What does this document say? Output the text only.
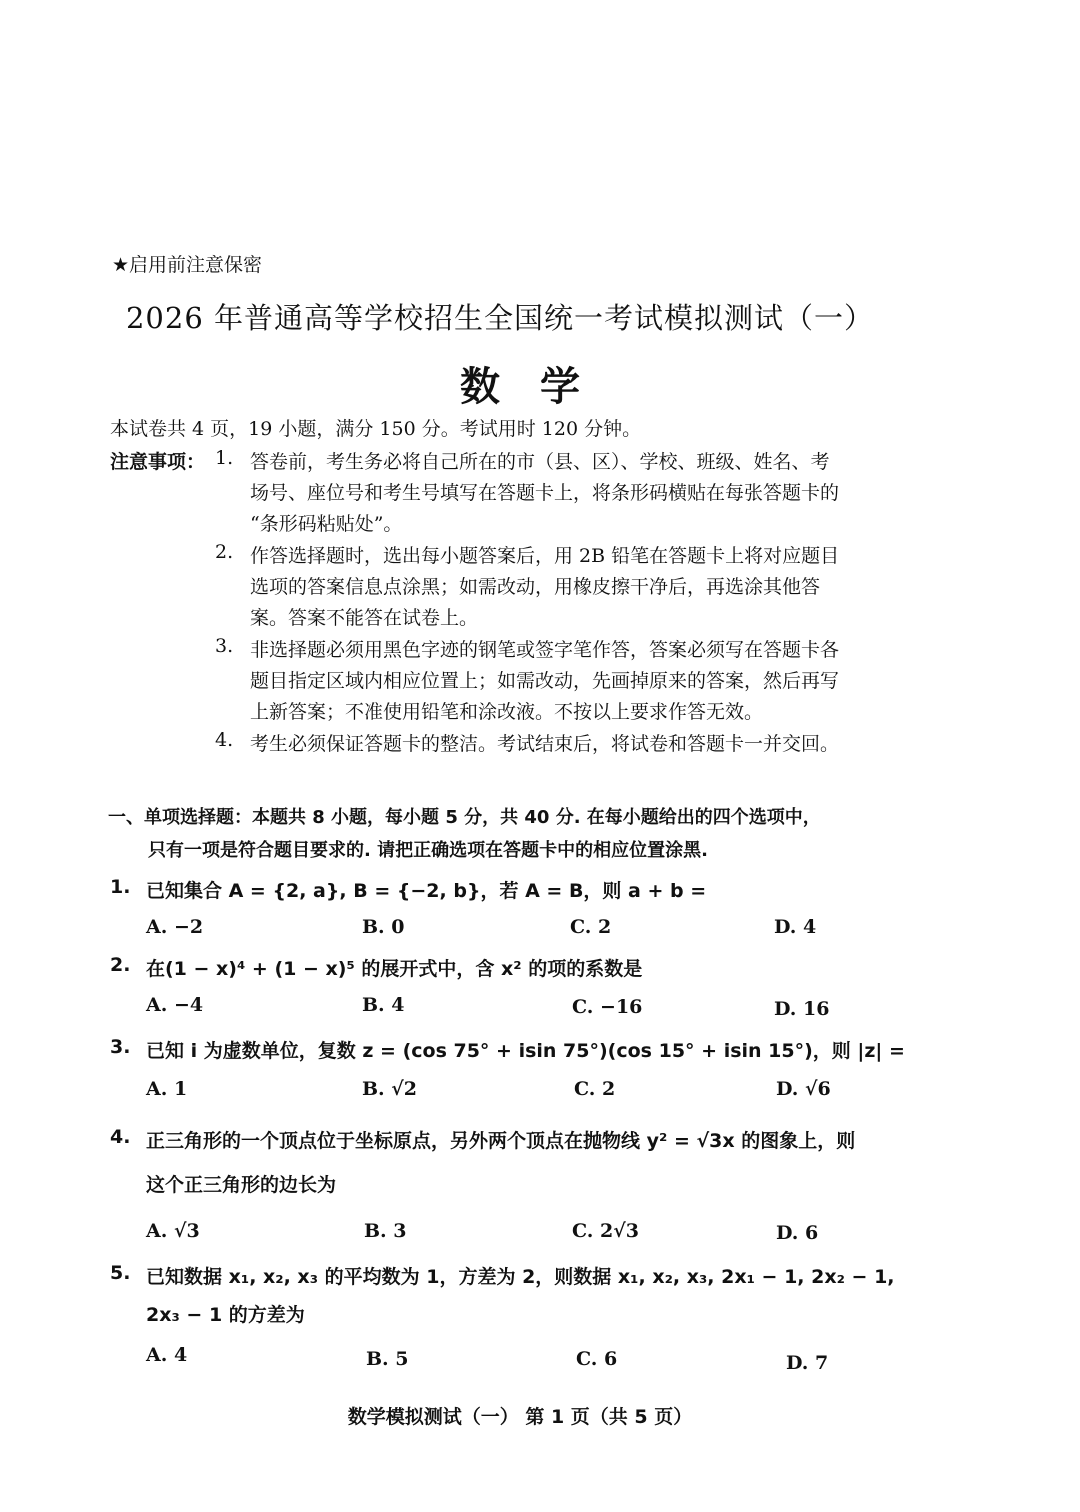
★启用前注意保密
2026 年普通高等学校招生全国统一考试模拟测试（一）
数学
本试卷共 4 页，19 小题，满分 150 分。考试用时 120 分钟。
注意事项： 1. 答卷前，考生务必将自己所在的市（县、区）、学校、班级、姓名、考
场号、座位号和考生号填写在答题卡上，将条形码横贴在每张答题卡的
“条形码粘贴处”。
2. 作答选择题时，选出每小题答案后，用 2B 铅笔在答题卡上将对应题目
选项的答案信息点涂黑；如需改动，用橡皮擦干净后，再选涂其他答
案。答案不能答在试卷上。
3. 非选择题必须用黑色字迹的钢笔或签字笔作答，答案必须写在答题卡各
题目指定区域内相应位置上；如需改动，先画掉原来的答案，然后再写
上新答案；不准使用铅笔和涂改液。不按以上要求作答无效。
4. 考生必须保证答题卡的整洁。考试结束后，将试卷和答题卡一并交回。
一、单项选择题：本题共 8 小题，每小题 5 分，共 40 分. 在每小题给出的四个选项中，
只有一项是符合题目要求的. 请把正确选项在答题卡中的相应位置涂黑.
1. 已知集合 A = {2, a}, B = {−2, b}，若 A = B，则 a + b =
A. −2	B. 0	C. 2	D. 4
2. 在(1 − x)⁴ + (1 − x)⁵ 的展开式中，含 x² 的项的系数是
A. −4	B. 4	C. −16	D. 16
3. 已知 i 为虚数单位，复数 z = (cos 75° + isin 75°)(cos 15° + isin 15°)，则 |z| =
A. 1	B. √2	C. 2	D. √6
4. 正三角形的一个顶点位于坐标原点，另外两个顶点在抛物线 y² = √3x 的图象上，则
这个正三角形的边长为
A. √3	B. 3	C. 2√3	D. 6
5. 已知数据 x₁, x₂, x₃ 的平均数为 1，方差为 2，则数据 x₁, x₂, x₃, 2x₁ − 1, 2x₂ − 1,
2x₃ − 1 的方差为
A. 4	B. 5	C. 6	D. 7
数学模拟测试（一） 第 1 页（共 5 页）
